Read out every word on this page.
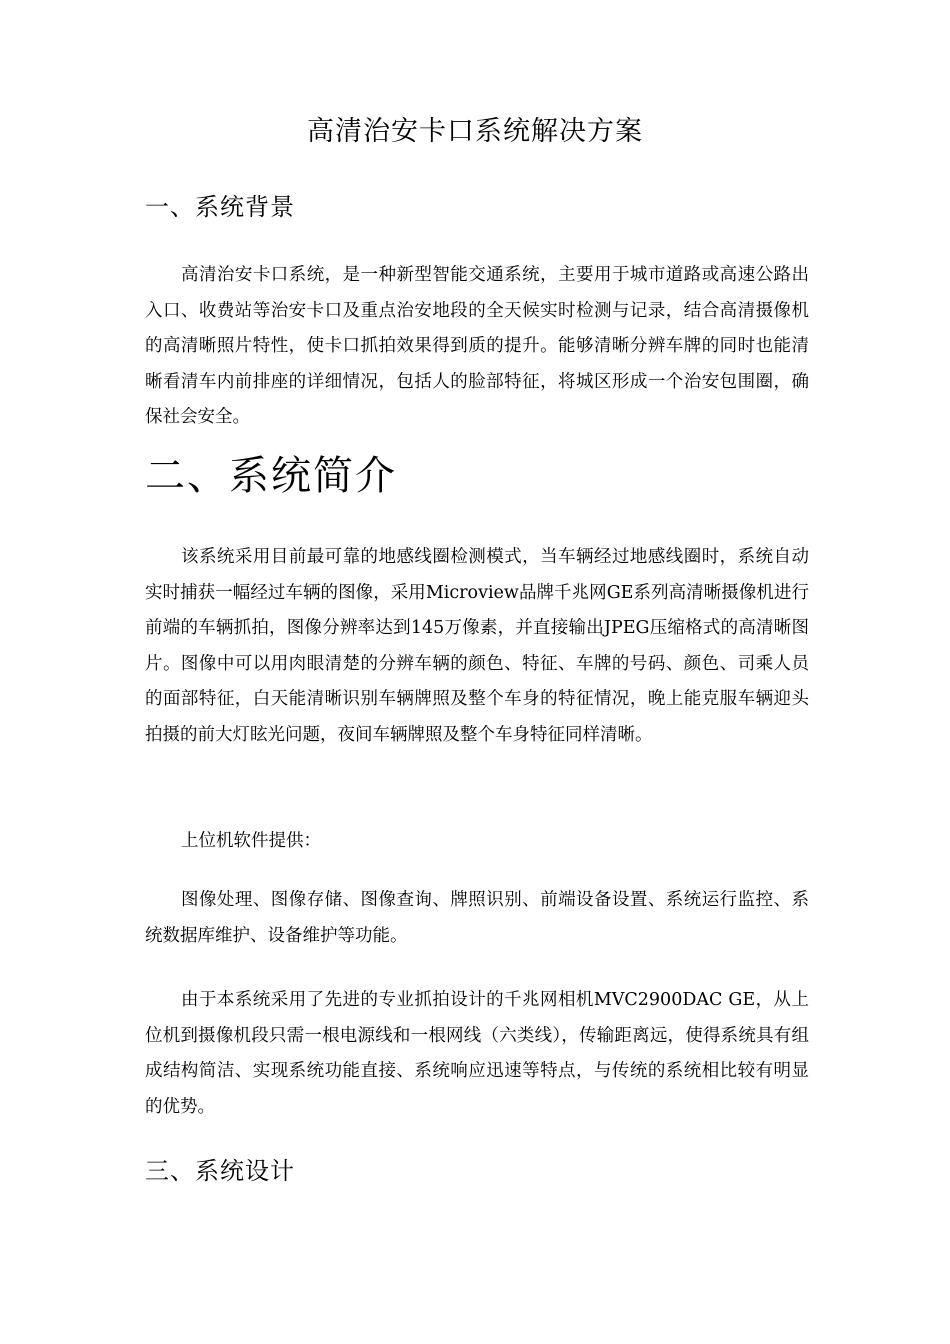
高清治安卡口系统解决方案
一、系统背景

高清治安卡口系统，是一种新型智能交通系统，主要用于城市道路或高速公路出入口、收费站等治安卡口及重点治安地段的全天候实时检测与记录，结合高清摄像机的高清晰照片特性，使卡口抓拍效果得到质的提升。能够清晰分辨车牌的同时也能清晰看清车内前排座的详细情况，包括人的脸部特征，将城区形成一个治安包围圈，确保社会安全。

二、系统简介

该系统采用目前最可靠的地感线圈检测模式，当车辆经过地感线圈时，系统自动实时捕获一幅经过车辆的图像，采用Microview品牌千兆网GE系列高清晰摄像机进行前端的车辆抓拍，图像分辨率达到145万像素，并直接输出JPEG压缩格式的高清晰图片。图像中可以用肉眼清楚的分辨车辆的颜色、特征、车牌的号码、颜色、司乘人员的面部特征，白天能清晰识别车辆牌照及整个车身的特征情况，晚上能克服车辆迎头拍摄的前大灯眩光问题，夜间车辆牌照及整个车身特征同样清晰。

上位机软件提供：

图像处理、图像存储、图像查询、牌照识别、前端设备设置、系统运行监控、系统数据库维护、设备维护等功能。

由于本系统采用了先进的专业抓拍设计的千兆网相机MVC2900DAC GE，从上位机到摄像机段只需一根电源线和一根网线（六类线），传输距离远，使得系统具有组成结构简洁、实现系统功能直接、系统响应迅速等特点，与传统的系统相比较有明显的优势。

三、系统设计
